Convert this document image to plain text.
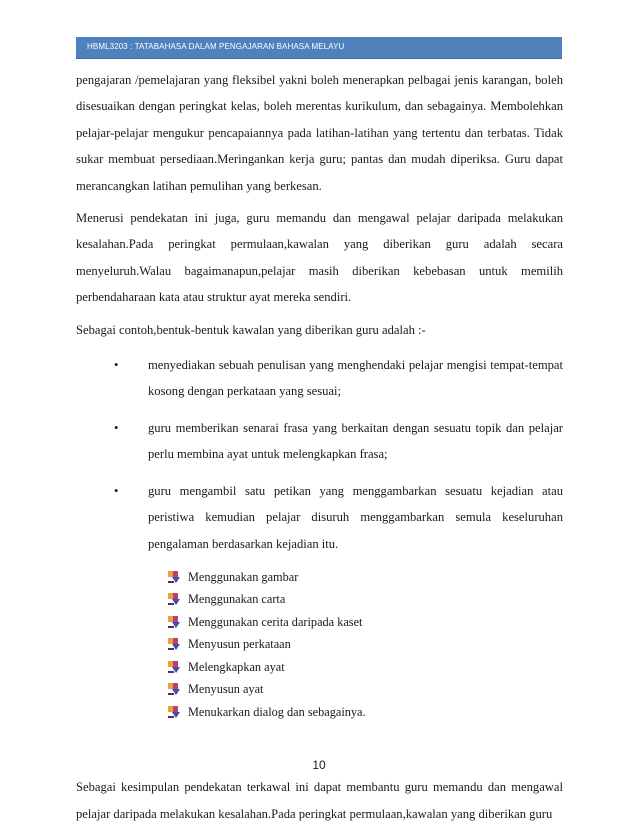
HBML3203 : TATABAHASA DALAM PENGAJARAN BAHASA MELAYU

pengajaran /pemelajaran yang fleksibel yakni boleh menerapkan pelbagai jenis karangan, boleh disesuaikan dengan peringkat kelas, boleh merentas kurikulum, dan sebagainya. Membolehkan pelajar-pelajar mengukur pencapaiannya pada latihan-latihan yang tertentu dan terbatas. Tidak sukar membuat persediaan.Meringankan kerja guru; pantas dan mudah diperiksa. Guru dapat merancangkan latihan pemulihan yang berkesan.

Menerusi pendekatan ini juga, guru memandu dan mengawal pelajar daripada melakukan kesalahan.Pada peringkat permulaan,kawalan yang diberikan guru adalah secara menyeluruh.Walau bagaimanapun,pelajar masih diberikan kebebasan untuk memilih perbendaharaan kata atau struktur ayat mereka sendiri.

Sebagai contoh,bentuk-bentuk kawalan yang diberikan guru adalah :-

• menyediakan sebuah penulisan yang menghendaki pelajar mengisi tempat-tempat kosong dengan perkataan yang sesuai;
• guru memberikan senarai frasa yang berkaitan dengan sesuatu topik dan pelajar perlu membina ayat untuk melengkapkan frasa;
• guru mengambil satu petikan yang menggambarkan sesuatu kejadian atau peristiwa kemudian pelajar disuruh menggambarkan semula keseluruhan pengalaman berdasarkan kejadian itu.
Menggunakan gambar
Menggunakan carta
Menggunakan cerita daripada kaset
Menyusun perkataan
Melengkapkan ayat
Menyusun ayat
Menukarkan dialog dan sebagainya.

Sebagai kesimpulan pendekatan terkawal ini dapat membantu guru memandu dan mengawal pelajar daripada melakukan kesalahan.Pada peringkat permulaan,kawalan yang diberikan guru

10
